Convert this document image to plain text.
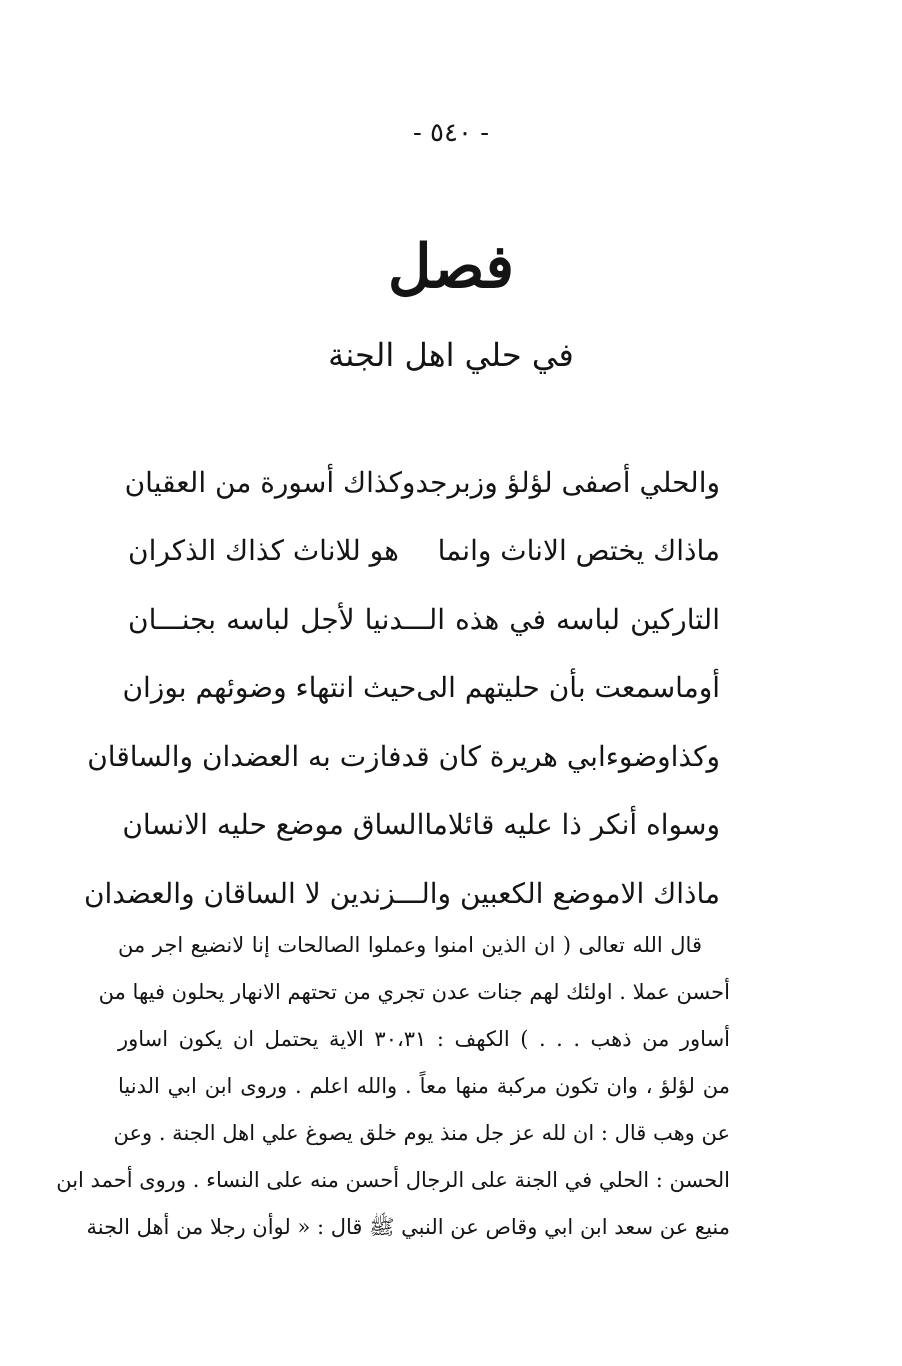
- ٥٤٠ -
فصل
في حلي اهل الجنة
والحلي أصفى لؤلؤ وزبرجد
وكذاك أسورة من العقيان
ماذاك يختص الاناث وانما
هو للاناث كذاك الذكران
التاركين لباسه في هذه الـــدنيا لأجل لباسه بجنـــان
أوماسمعت بأن حليتهم الى
حيث انتهاء وضوئهم بوزان
وكذاوضوءابي هريرة كان قد
فازت به العضدان والساقان
وسواه أنكر ذا عليه قائلا
ماالساق موضع حليه الانسان
ماذاك الاموضع الكعبين والـــزندين لا الساقان والعضدان

قال الله تعالى ( ان الذين امنوا وعملوا الصالحات إنا لانضيع اجر من
أحسن عملا . اولئك لهم جنات عدن تجري من تحتهم الانهار يحلون فيها من
أساور من ذهب . . . ) الكهف : ٣٠،٣١ الاية يحتمل ان يكون اساور
من لؤلؤ ، وان تكون مركبة منها معاً . والله اعلم . وروى ابن ابي الدنيا
عن وهب قال : ان لله عز جل منذ يوم خلق يصوغ علي اهل الجنة . وعن
الحسن : الحلي في الجنة على الرجال أحسن منه على النساء . وروى أحمد ابن
منيع عن سعد ابن ابي وقاص عن النبي ﷺ قال : « لوأن رجلا من أهل الجنة
